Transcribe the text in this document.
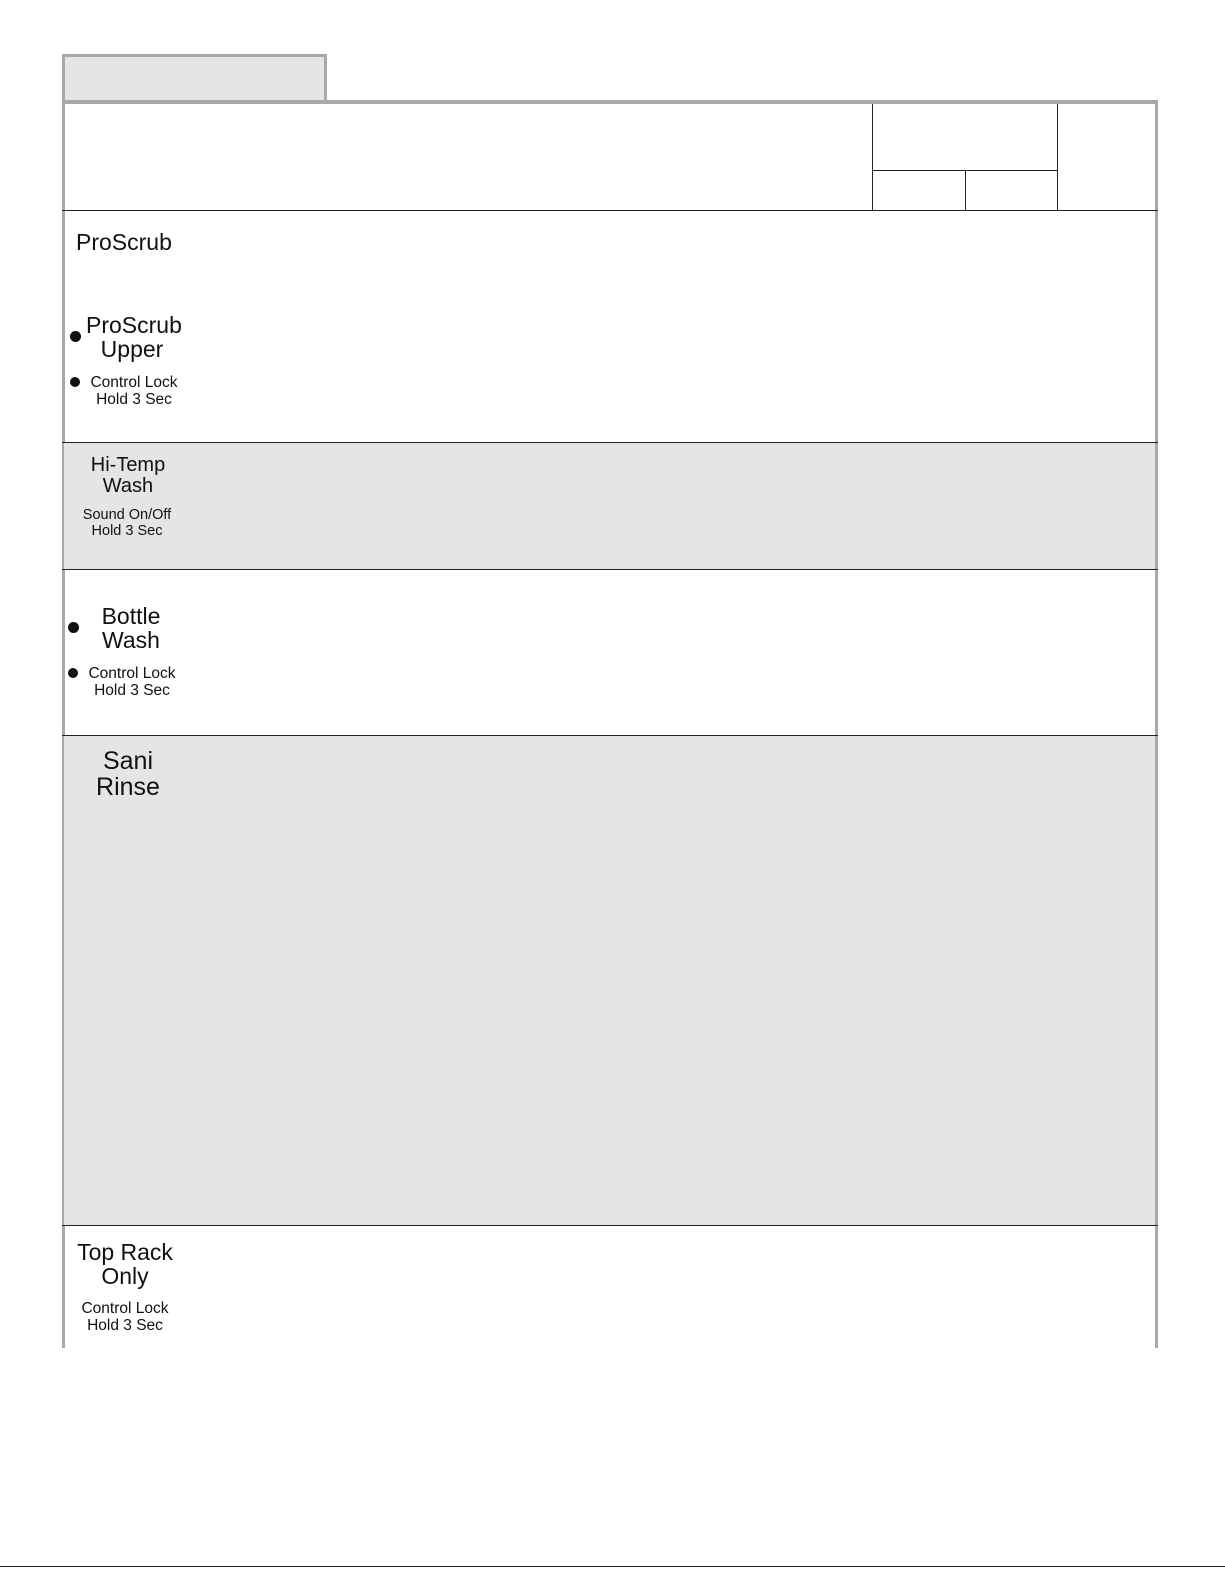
ProScrub
ProScrub
Upper
Control Lock
Hold 3 Sec
Hi-Temp
Wash
Sound On/Off
Hold 3 Sec
Bottle
Wash
Control Lock
Hold 3 Sec
Sani
Rinse
Top Rack
Only
Control Lock
Hold 3 Sec
